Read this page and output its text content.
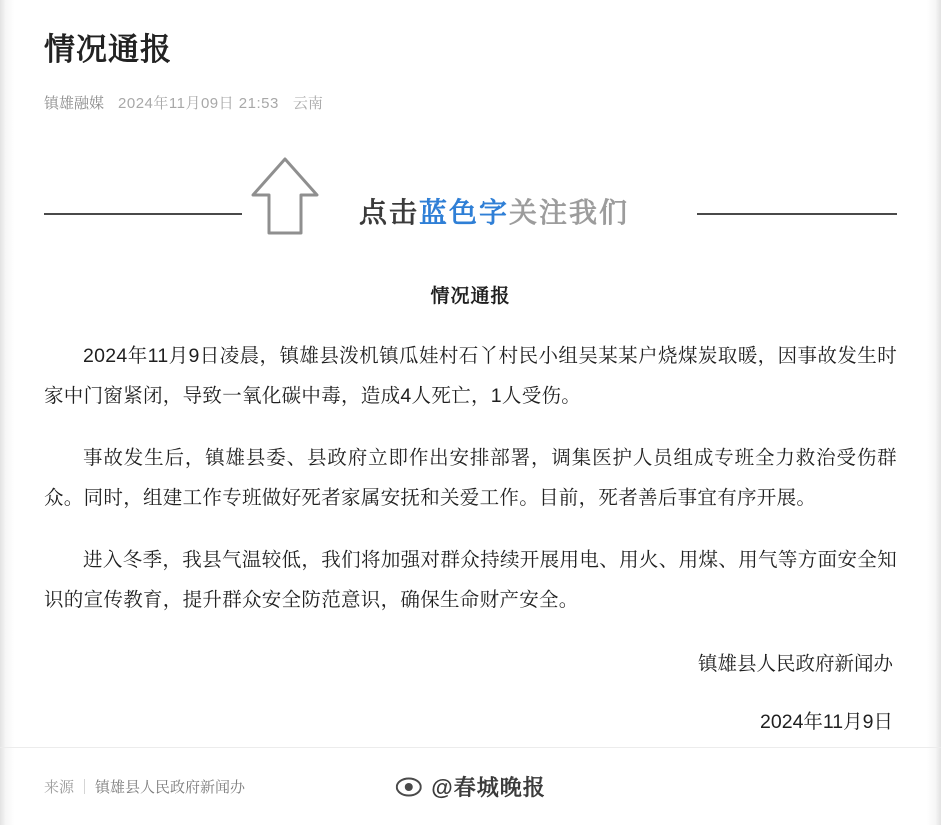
情况通报
镇雄融媒 2024年11月09日 21:53 云南
点击蓝色字关注我们
情况通报

2024年11月9日凌晨，镇雄县泼机镇瓜娃村石丫村民小组吴某某户烧煤炭取暖，因事故发生时家中门窗紧闭，导致一氧化碳中毒，造成4人死亡，1人受伤。

事故发生后，镇雄县委、县政府立即作出安排部署，调集医护人员组成专班全力救治受伤群众。同时，组建工作专班做好死者家属安抚和关爱工作。目前，死者善后事宜有序开展。

进入冬季，我县气温较低，我们将加强对群众持续开展用电、用火、用煤、用气等方面安全知识的宣传教育，提升群众安全防范意识，确保生命财产安全。

镇雄县人民政府新闻办
2024年11月9日
来源 镇雄县人民政府新闻办	@春城晚报
